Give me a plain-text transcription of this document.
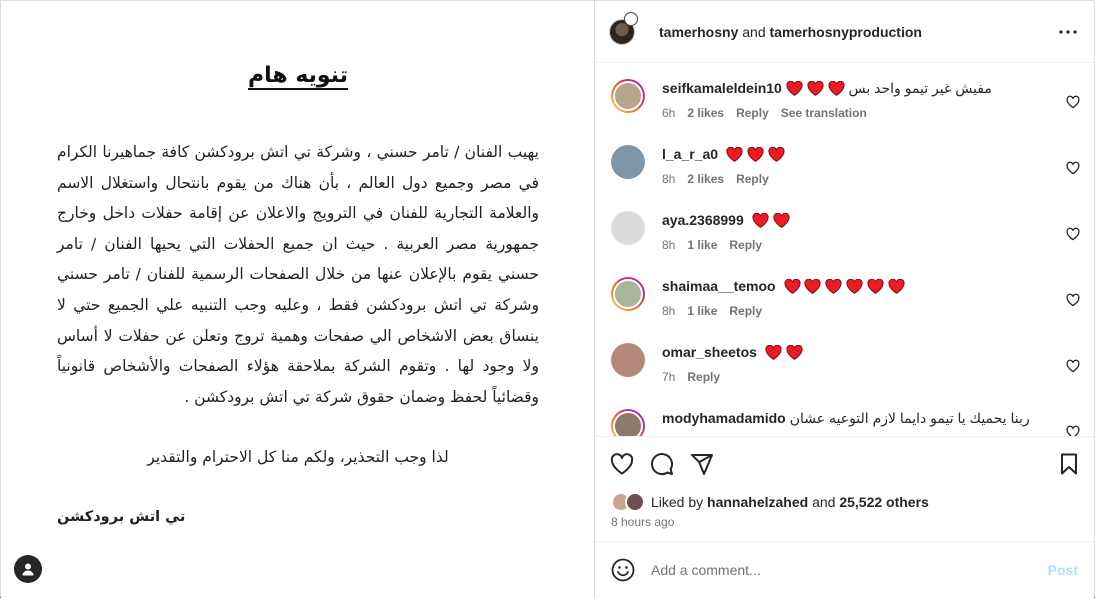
تنويه هام
يهيب الفنان / تامر حسني ، وشركة تي اتش برودكشن كافة جماهيرنا الكرام في مصر وجميع دول العالم ، بأن هناك من يقوم بانتحال واستغلال الاسم والعلامة التجارية للفنان في الترويج والاعلان عن إقامة حفلات داخل وخارج جمهورية مصر العربية . حيث ان جميع الحفلات التي يحيها الفنان / تامر حسني يقوم بالإعلان عنها من خلال الصفحات الرسمية للفنان / تامر حسني وشركة تي اتش برودكشن فقط ، وعليه وجب التنبيه علي الجميع حتي لا ينساق بعض الاشخاص الي صفحات وهمية تروج وتعلن عن حفلات لا أساس ولا وجود لها . وتقوم الشركة بملاحقة هؤلاء الصفحات والأشخاص قانونياً وقضائياً لحفظ وضمان حقوق شركة تي اتش برودكشن .
لذا وجب التحذير، ولكم منا كل الاحترام والتقدير
تي اتش برودكشن
tamerhosny and tamerhosnyproduction
seifkamaleldein10	مفيش غير تيمو واحد بس
6h 2 likes Reply See translation
l_a_r_a0
8h 2 likes Reply
aya.2368999
8h 1 like Reply
shaimaa__temoo
8h 1 like Reply
omar_sheetos
7h Reply
modyhamadamido ربنا يحميك يا تيمو دايما لازم التوعيه عشان
Liked by hannahelzahed and 25,522 others
8 hours ago
Add a comment...
Post
